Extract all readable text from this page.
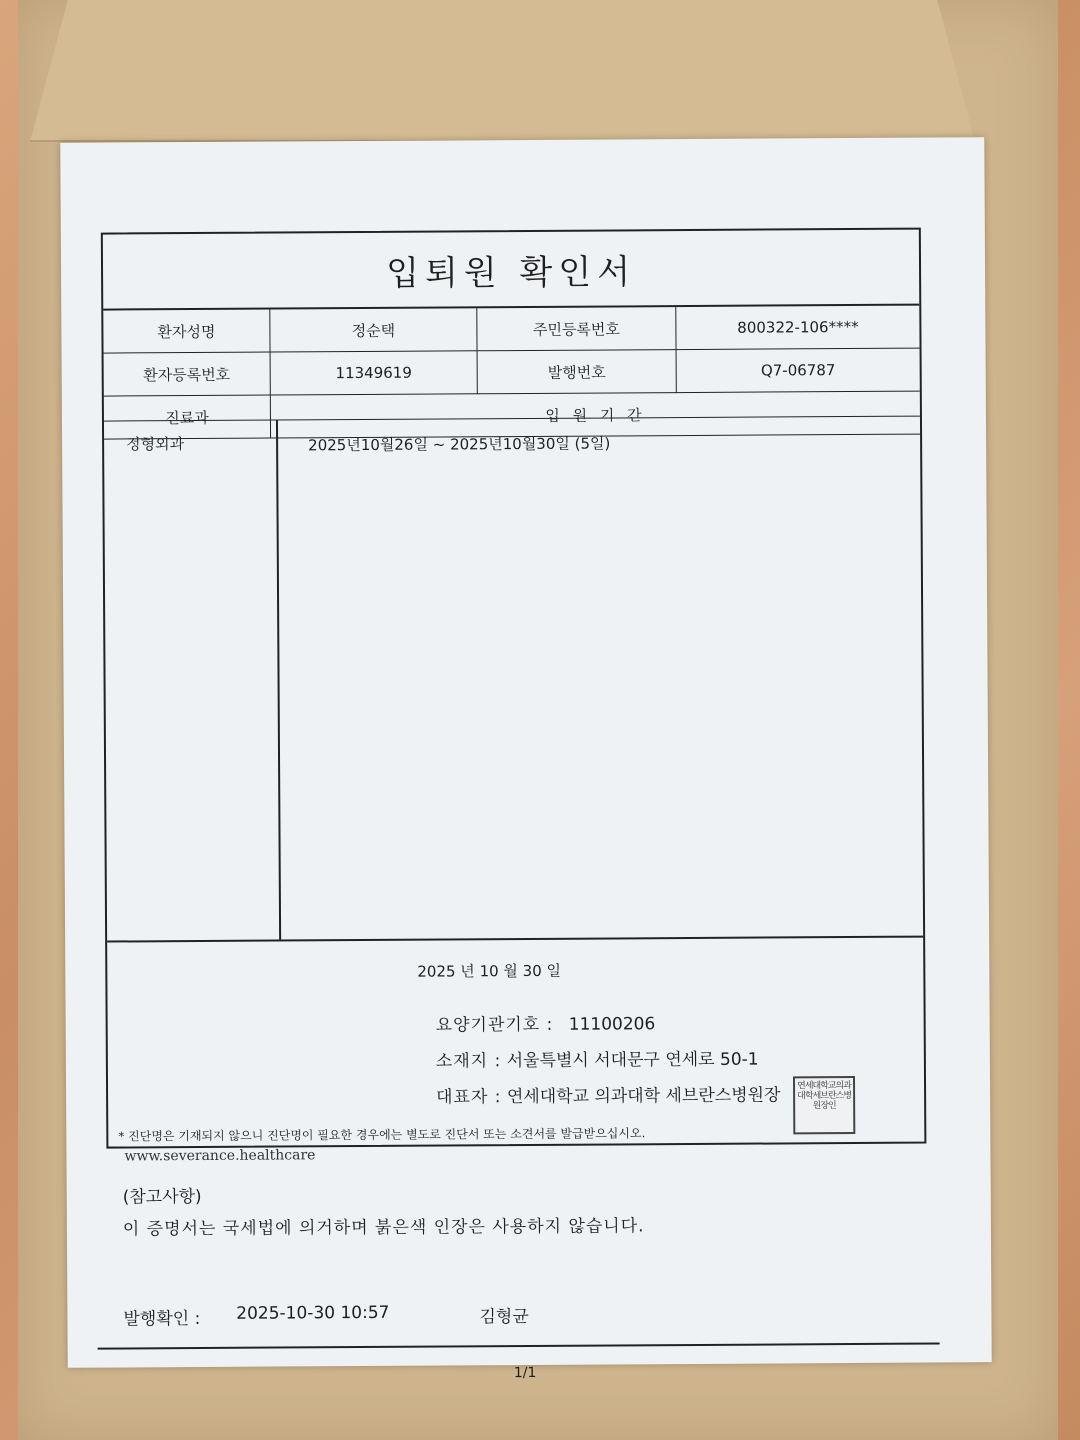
입퇴원 확인서
환자성명	정순택	주민등록번호	800322-106****
환자등록번호	11349619	발행번호	Q7-06787
진료과	입 원 기 간		
정형외과	2025년10월26일 ~ 2025년10월30일 (5일)
2025 년 10 월 30 일
요양기관기호 : 11100206
소재지 : 서울특별시 서대문구 연세로 50-1
대표자 : 연세대학교 의과대학 세브란스병원장	연세대학교의과대학세브란스병원장인
* 진단명은 기재되지 않으니 진단명이 필요한 경우에는 별도로 진단서 또는 소견서를 발급받으십시오.
www.severance.healthcare
(참고사항)
이 증명서는 국세법에 의거하며 붉은색 인장은 사용하지 않습니다.
발행확인 : 2025-10-30 10:57	김형균
1/1
